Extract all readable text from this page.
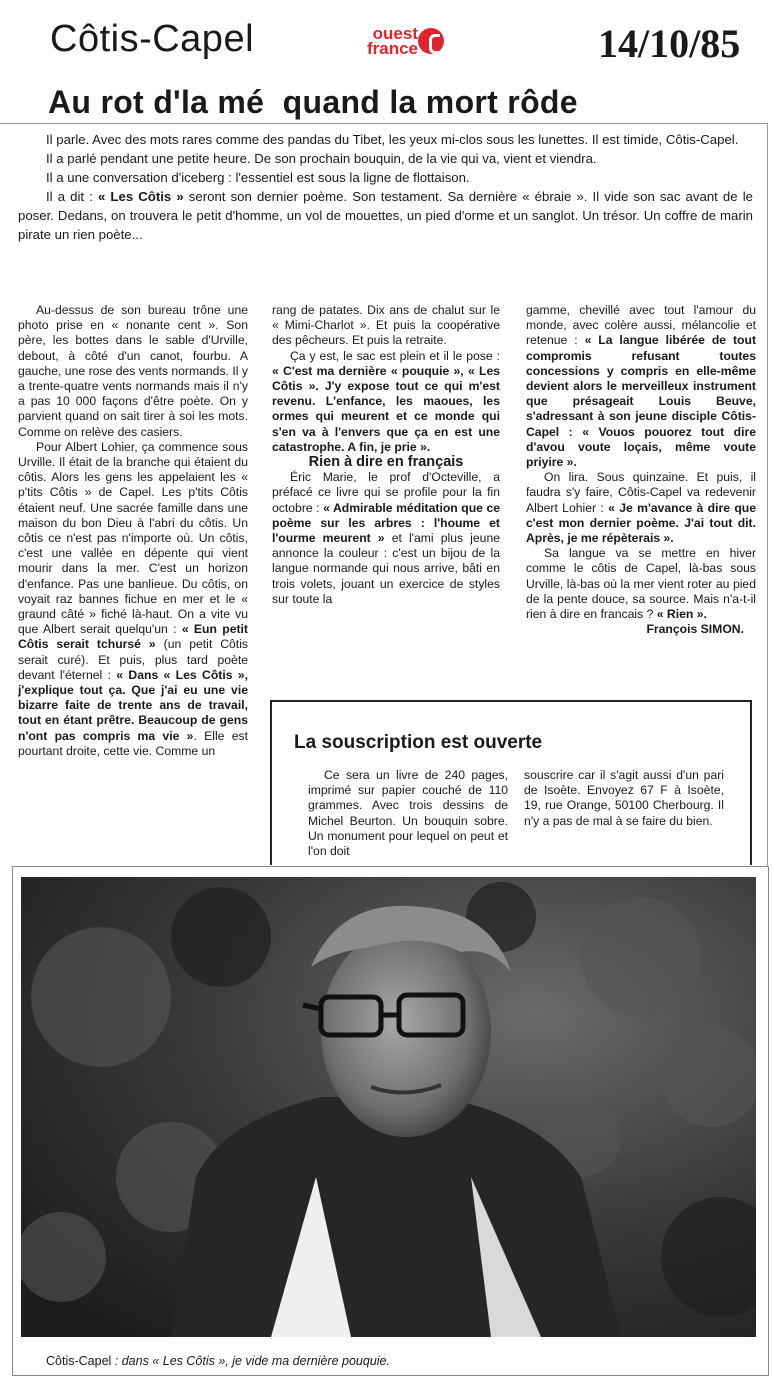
Côtis-Capel	ouest
france	14/10/85
Au rot d'la mé  quand la mort rôde

Il parle. Avec des mots rares comme des pandas du Tibet, les yeux mi-clos sous les lunettes. Il est timide, Côtis-Capel.

Il a parlé pendant une petite heure. De son prochain bouquin, de la vie qui va, vient et viendra.

Il a une conversation d'iceberg : l'essentiel est sous la ligne de flottaison.

Il a dit : « Les Côtis » seront son dernier poème. Son testament. Sa dernière « ébraie ». Il vide son sac avant de le poser. Dedans, on trouvera le petit d'homme, un vol de mouettes, un pied d'orme et un sanglot. Un trésor. Un coffre de marin pirate un rien poète...

Au-dessus de son bureau trône une photo prise en « nonante cent ». Son père, les bottes dans le sable d'Urville, debout, à côté d'un canot, fourbu. A gauche, une rose des vents normands. Il y a trente-quatre vents normands mais il n'y a pas 10 000 façons d'être poète. On y parvient quand on sait tirer à soi les mots. Comme on relève des casiers.

Pour Albert Lohier, ça commence sous Urville. Il était de la branche qui étaient du côtis. Alors les gens les appelaient les « p'tits Côtis » de Capel. Les p'tits Côtis étaient neuf. Une sacrée famille dans une maison du bon Dieu à l'abri du côtis. Un côtis ce n'est pas n'importe où. Un côtis, c'est une vallée en dépente qui vient mourir dans la mer. C'est un horizon d'enfance. Pas une banlieue. Du côtis, on voyait raz bannes fichue en mer et le « graund câté » fiché là-haut. On a vite vu que Albert serait quelqu'un : « Eun petit Côtis serait tchursé » (un petit Côtis serait curé). Et puis, plus tard poète devant l'éternel : « Dans « Les Côtis », j'explique tout ça. Que j'ai eu une vie bizarre faite de trente ans de travail, tout en étant prêtre. Beaucoup de gens n'ont pas compris ma vie ». Elle est pourtant droite, cette vie. Comme un

rang de patates. Dix ans de chalut sur le « Mimi-Charlot ». Et puis la coopérative des pêcheurs. Et puis la retraite.

Ça y est, le sac est plein et il le pose : « C'est ma dernière « pouquie », « Les Côtis ». J'y expose tout ce qui m'est revenu. L'enfance, les maoues, les ormes qui meurent et ce monde qui s'en va à l'envers que ça en est une catastrophe. A fin, je prie ».

Rien à dire en français

Éric Marie, le prof d'Octeville, a préfacé ce livre qui se profile pour la fin octobre : « Admirable méditation que ce poème sur les arbres : l'houme et l'ourme meurent » et l'ami plus jeune annonce la couleur : c'est un bijou de la langue normande qui nous arrive, bâti en trois volets, jouant un exercice de styles sur toute la

gamme, chevillé avec tout l'amour du monde, avec colère aussi, mélancolie et retenue : « La langue libérée de tout compromis refusant toutes concessions y compris en elle-même devient alors le merveilleux instrument que présageait Louis Beuve, s'adressant à son jeune disciple Côtis-Capel : « Vouos pouorez tout dire d'avou voute loçais, même voute priyire ».

On lira. Sous quinzaine. Et puis, il faudra s'y faire, Côtis-Capel va redevenir Albert Lohier : « Je m'avance à dire que c'est mon dernier poème. J'ai tout dit. Après, je me répèterais ».

Sa langue va se mettre en hiver comme le côtis de Capel, là-bas sous Urville, là-bas où la mer vient roter au pied de la pente douce, sa source. Mais n'a-t-il rien à dire en francais ? « Rien ».

François SIMON.

La souscription est ouverte

Ce sera un livre de 240 pages, imprimé sur papier couché de 110 grammes. Avec trois dessins de Michel Beurton. Un bouquin sobre. Un monument pour lequel on peut et l'on doit

souscrire car il s'agit aussi d'un pari de Isoète. Envoyez 67 F à Isoète, 19, rue Orange, 50100 Cherbourg. Il n'y a pas de mal à se faire du bien.

Côtis-Capel : dans « Les Côtis », je vide ma dernière pouquie.
